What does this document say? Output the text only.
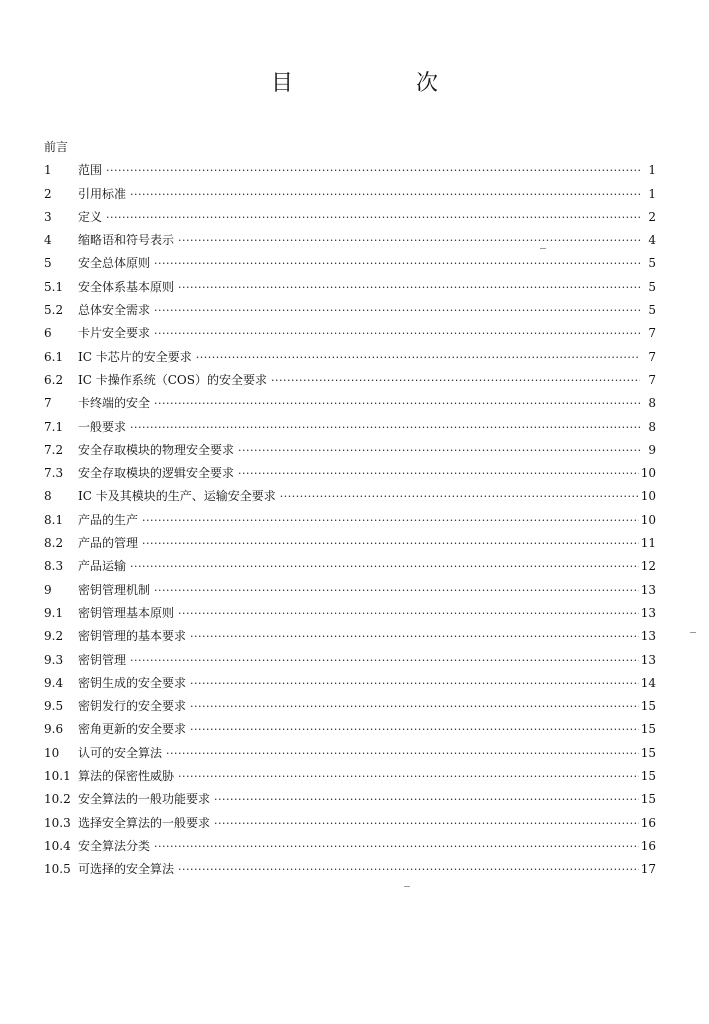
目 次
前言
1	范围 ·····	1
2	引用标准 ·····	1
3	定义 ·····	2
4	缩略语和符号表示 ·····	4
5	安全总体原则 ·····	5
5.1	安全体系基本原则 ·····	5
5.2	总体安全需求 ·····	5
6	卡片安全要求 ·····	7
6.1	IC 卡芯片的安全要求 ·····	7
6.2	IC 卡操作系统（COS）的安全要求 ·····	7
7	卡终端的安全 ·····	8
7.1	一般要求 ·····	8
7.2	安全存取模块的物理安全要求 ·····	9
7.3	安全存取模块的逻辑安全要求 ·····	10
8	IC 卡及其模块的生产、运输安全要求 ·····	10
8.1	产品的生产 ·····	10
8.2	产品的管理 ·····	11
8.3	产品运输 ·····	12
9	密钥管理机制 ·····	13
9.1	密钥管理基本原则 ·····	13
9.2	密钥管理的基本要求 ·····	13
9.3	密钥管理 ·····	13
9.4	密钥生成的安全要求 ·····	14
9.5	密钥发行的安全要求 ·····	15
9.6	密角更新的安全要求 ·····	15
10	认可的安全算法 ·····	15
10.1 算法的保密性威胁 ·····	15
10.2 安全算法的一般功能要求 ·····	15
10.3 选择安全算法的一般要求 ·····	16
10.4 安全算法分类 ·····	16
10.5 可选择的安全算法 ·····	17
